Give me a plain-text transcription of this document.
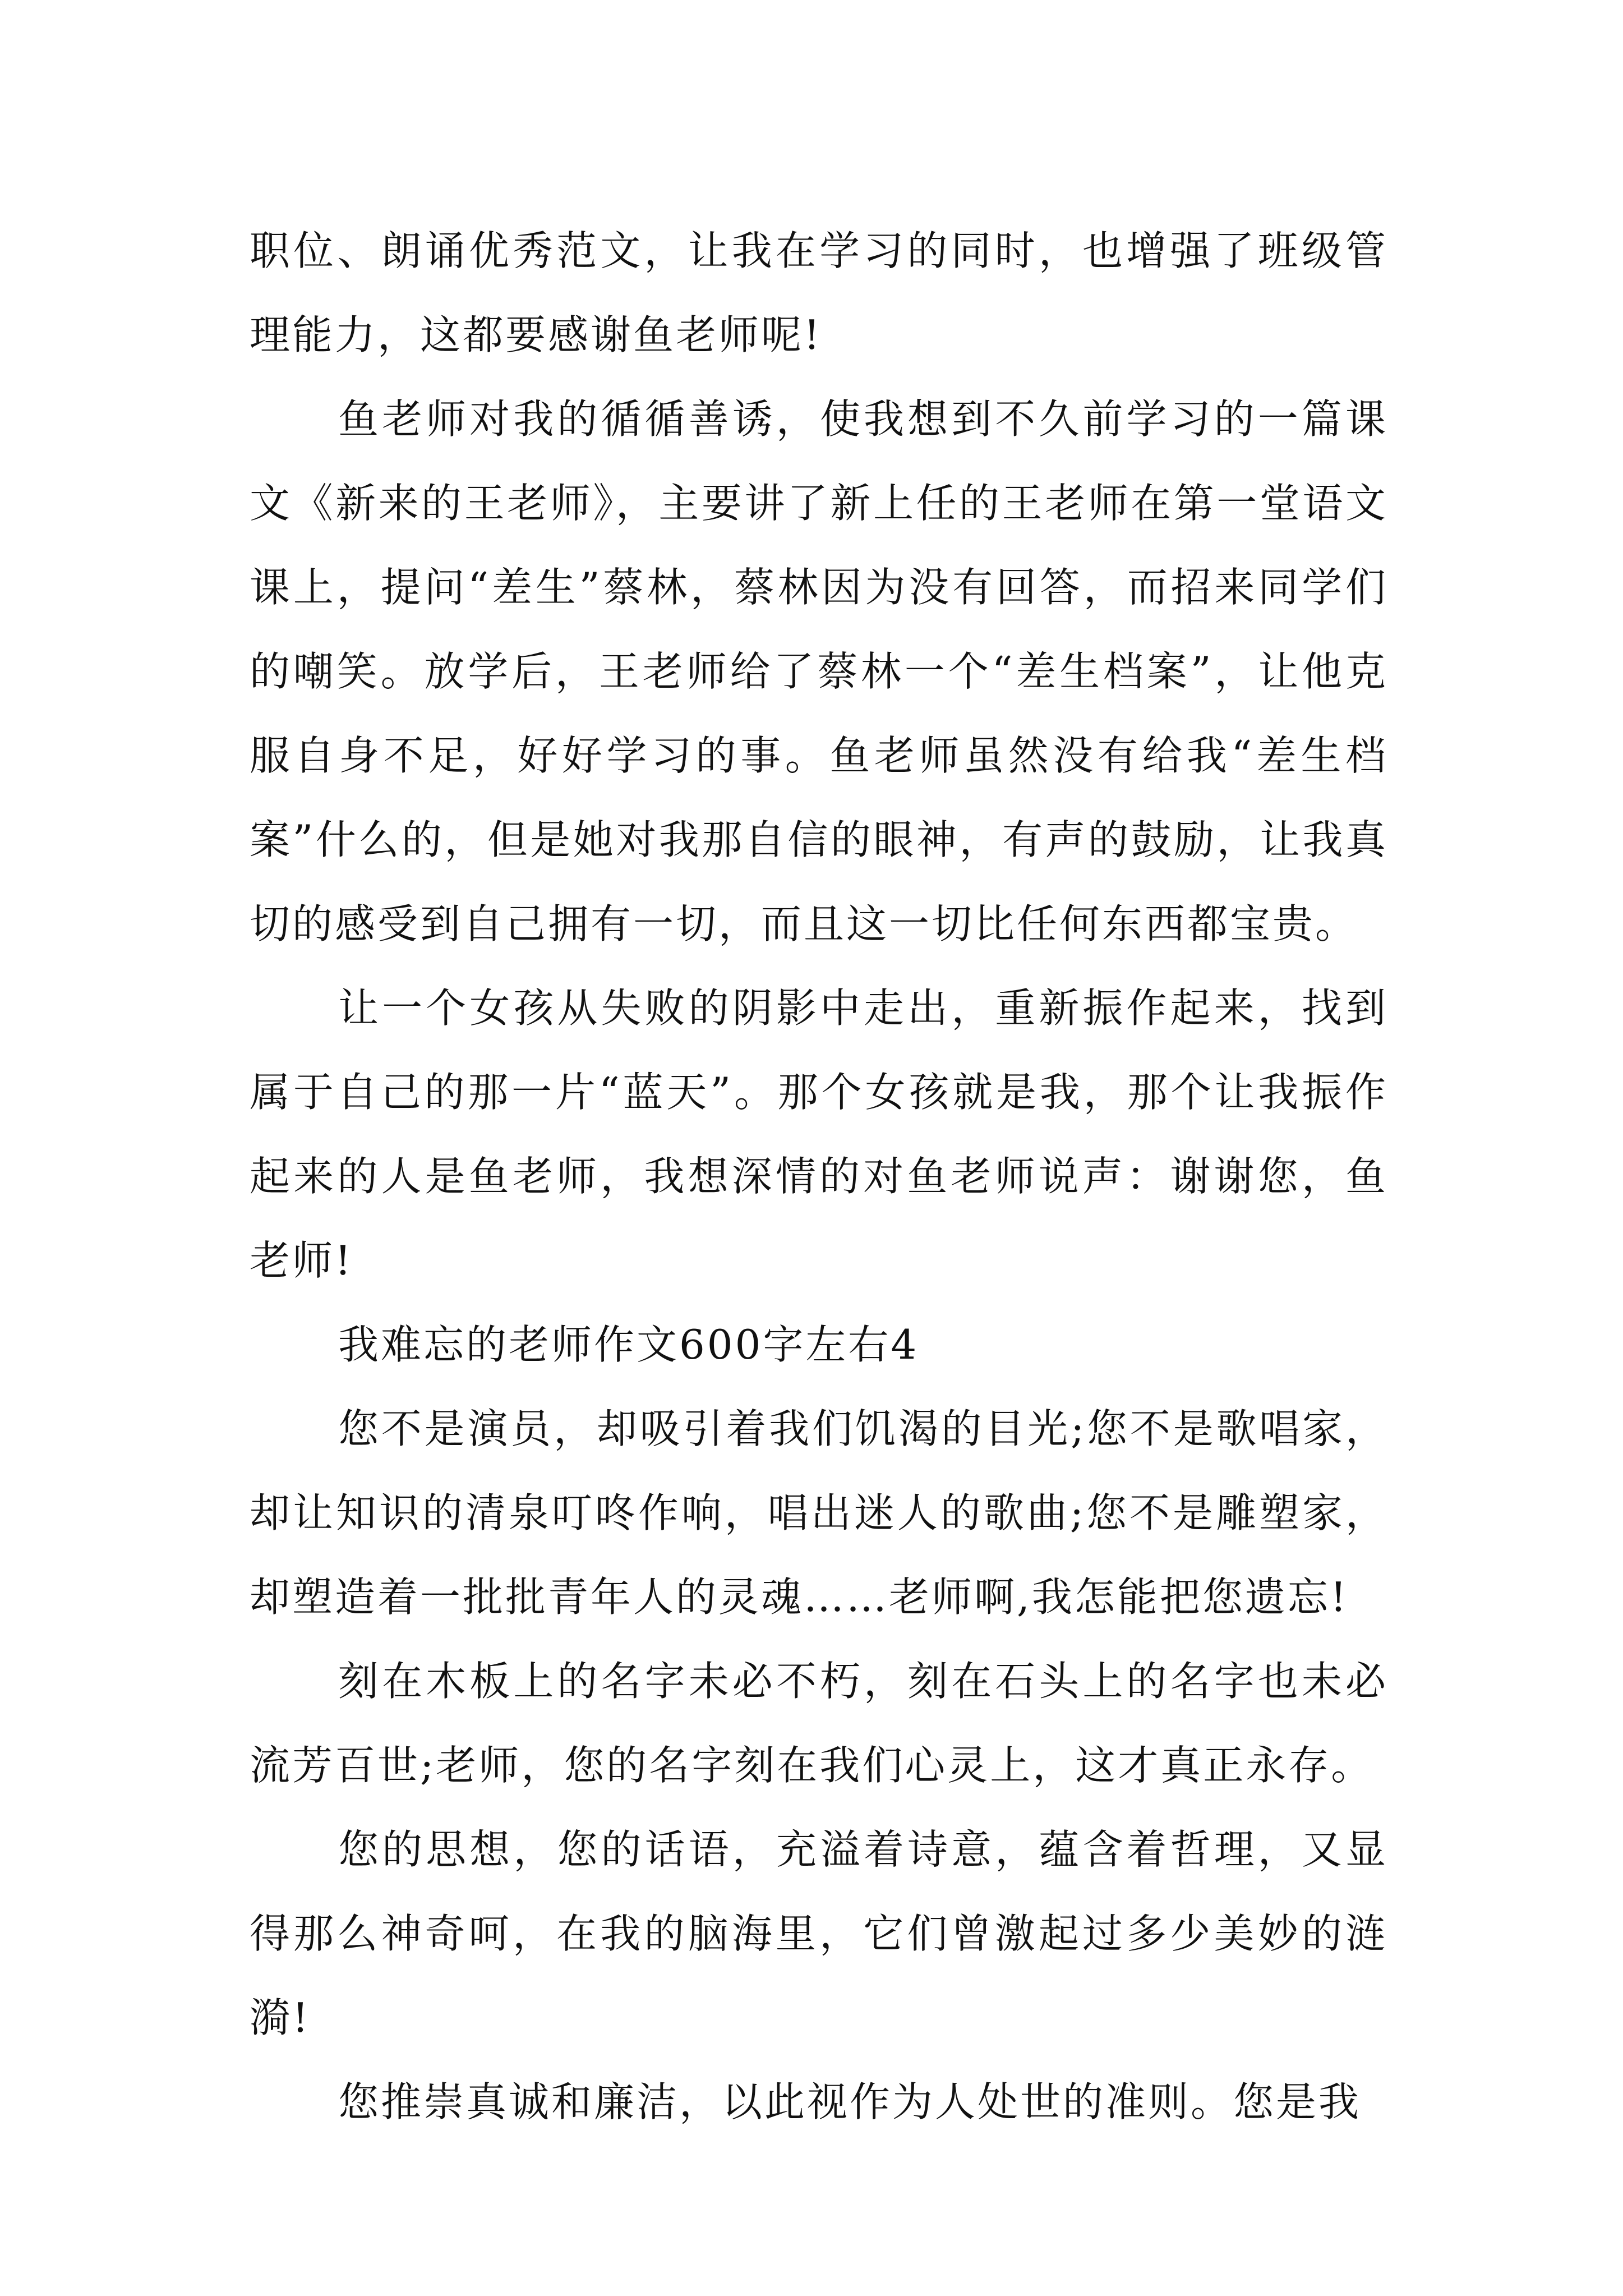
职位、朗诵优秀范文，让我在学习的同时，也增强了班级管理能力，这都要感谢鱼老师呢!

鱼老师对我的循循善诱，使我想到不久前学习的一篇课文《新来的王老师》，主要讲了新上任的王老师在第一堂语文课上，提问“差生”蔡林，蔡林因为没有回答，而招来同学们的嘲笑。放学后，王老师给了蔡林一个“差生档案”，让他克服自身不足，好好学习的事。鱼老师虽然没有给我“差生档案”什么的，但是她对我那自信的眼神，有声的鼓励，让我真切的感受到自己拥有一切，而且这一切比任何东西都宝贵。

让一个女孩从失败的阴影中走出，重新振作起来，找到属于自己的那一片“蓝天”。那个女孩就是我，那个让我振作起来的人是鱼老师，我想深情的对鱼老师说声：谢谢您，鱼老师!

我难忘的老师作文600字左右4

您不是演员，却吸引着我们饥渴的目光;您不是歌唱家，却让知识的清泉叮咚作响，唱出迷人的歌曲;您不是雕塑家，却塑造着一批批青年人的灵魂……老师啊,我怎能把您遗忘!

刻在木板上的名字未必不朽，刻在石头上的名字也未必流芳百世;老师，您的名字刻在我们心灵上，这才真正永存。

您的思想，您的话语，充溢着诗意，蕴含着哲理，又显得那么神奇呵，在我的脑海里，它们曾激起过多少美妙的涟漪!

您推崇真诚和廉洁，以此视作为人处世的准则。您是我
